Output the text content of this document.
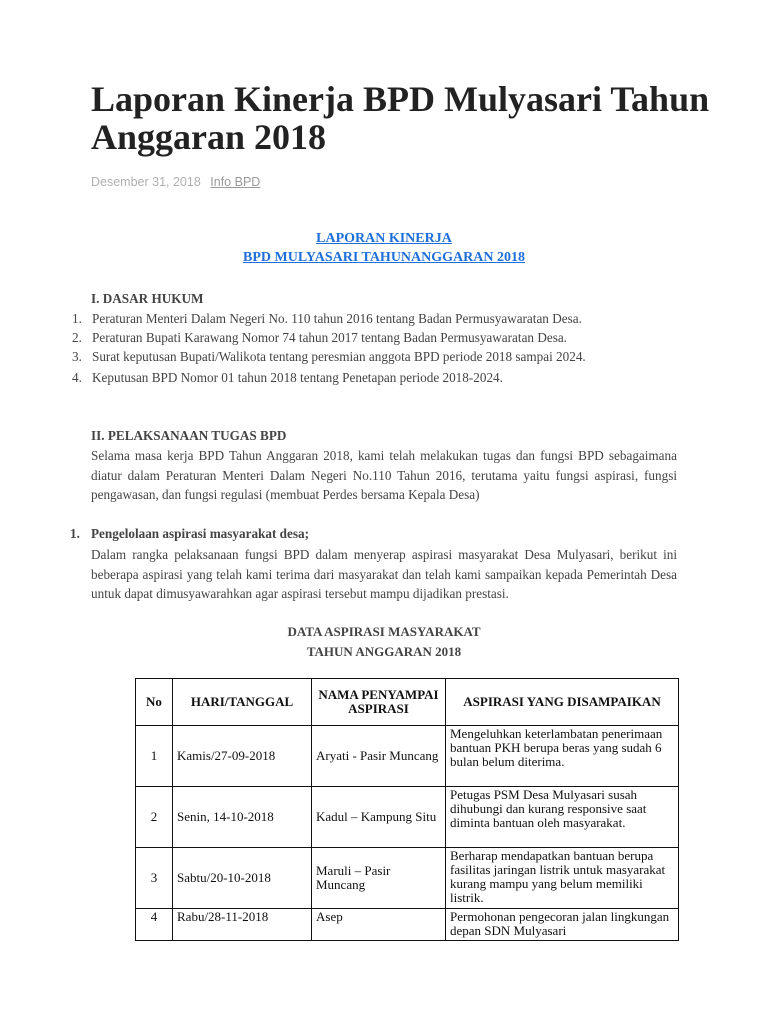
Laporan Kinerja BPD Mulyasari Tahun Anggaran 2018
Desember 31, 2018 Info BPD
LAPORAN KINERJA
BPD MULYASARI TAHUNANGGARAN 2018
I. DASAR HUKUM
1. Peraturan Menteri Dalam Negeri No. 110 tahun 2016 tentang Badan Permusyawaratan Desa.
2. Peraturan Bupati Karawang Nomor 74 tahun 2017 tentang Badan Permusyawaratan Desa.
3. Surat keputusan Bupati/Walikota tentang peresmian anggota BPD periode 2018 sampai 2024.
4. Keputusan BPD Nomor 01 tahun 2018 tentang Penetapan periode 2018-2024.
II. PELAKSANAAN TUGAS BPD
Selama masa kerja BPD Tahun Anggaran 2018, kami telah melakukan tugas dan fungsi BPD sebagaimana diatur dalam Peraturan Menteri Dalam Negeri No.110 Tahun 2016, terutama yaitu fungsi aspirasi, fungsi pengawasan, dan fungsi regulasi (membuat Perdes bersama Kepala Desa)
1. Pengelolaan aspirasi masyarakat desa;
Dalam rangka pelaksanaan fungsi BPD dalam menyerap aspirasi masyarakat Desa Mulyasari, berikut ini beberapa aspirasi yang telah kami terima dari masyarakat dan telah kami sampaikan kepada Pemerintah Desa untuk dapat dimusyawarahkan agar aspirasi tersebut mampu dijadikan prestasi.
DATA ASPIRASI MASYARAKAT
TAHUN ANGGARAN 2018
No	HARI/TANGGAL	NAMA PENYAMPAI ASPIRASI	ASPIRASI YANG DISAMPAIKAN
1	Kamis/27-09-2018	Aryati - Pasir Muncang	Mengeluhkan keterlambatan penerimaan bantuan PKH berupa beras yang sudah 6 bulan belum diterima.
2	Senin, 14-10-2018	Kadul – Kampung Situ	Petugas PSM Desa Mulyasari susah dihubungi dan kurang responsive saat diminta bantuan oleh masyarakat.
3	Sabtu/20-10-2018	Maruli – Pasir Muncang	Berharap mendapatkan bantuan berupa fasilitas jaringan listrik untuk masyarakat kurang mampu yang belum memiliki listrik.
4	Rabu/28-11-2018	Asep	Permohonan pengecoran jalan lingkungan depan SDN Mulyasari
